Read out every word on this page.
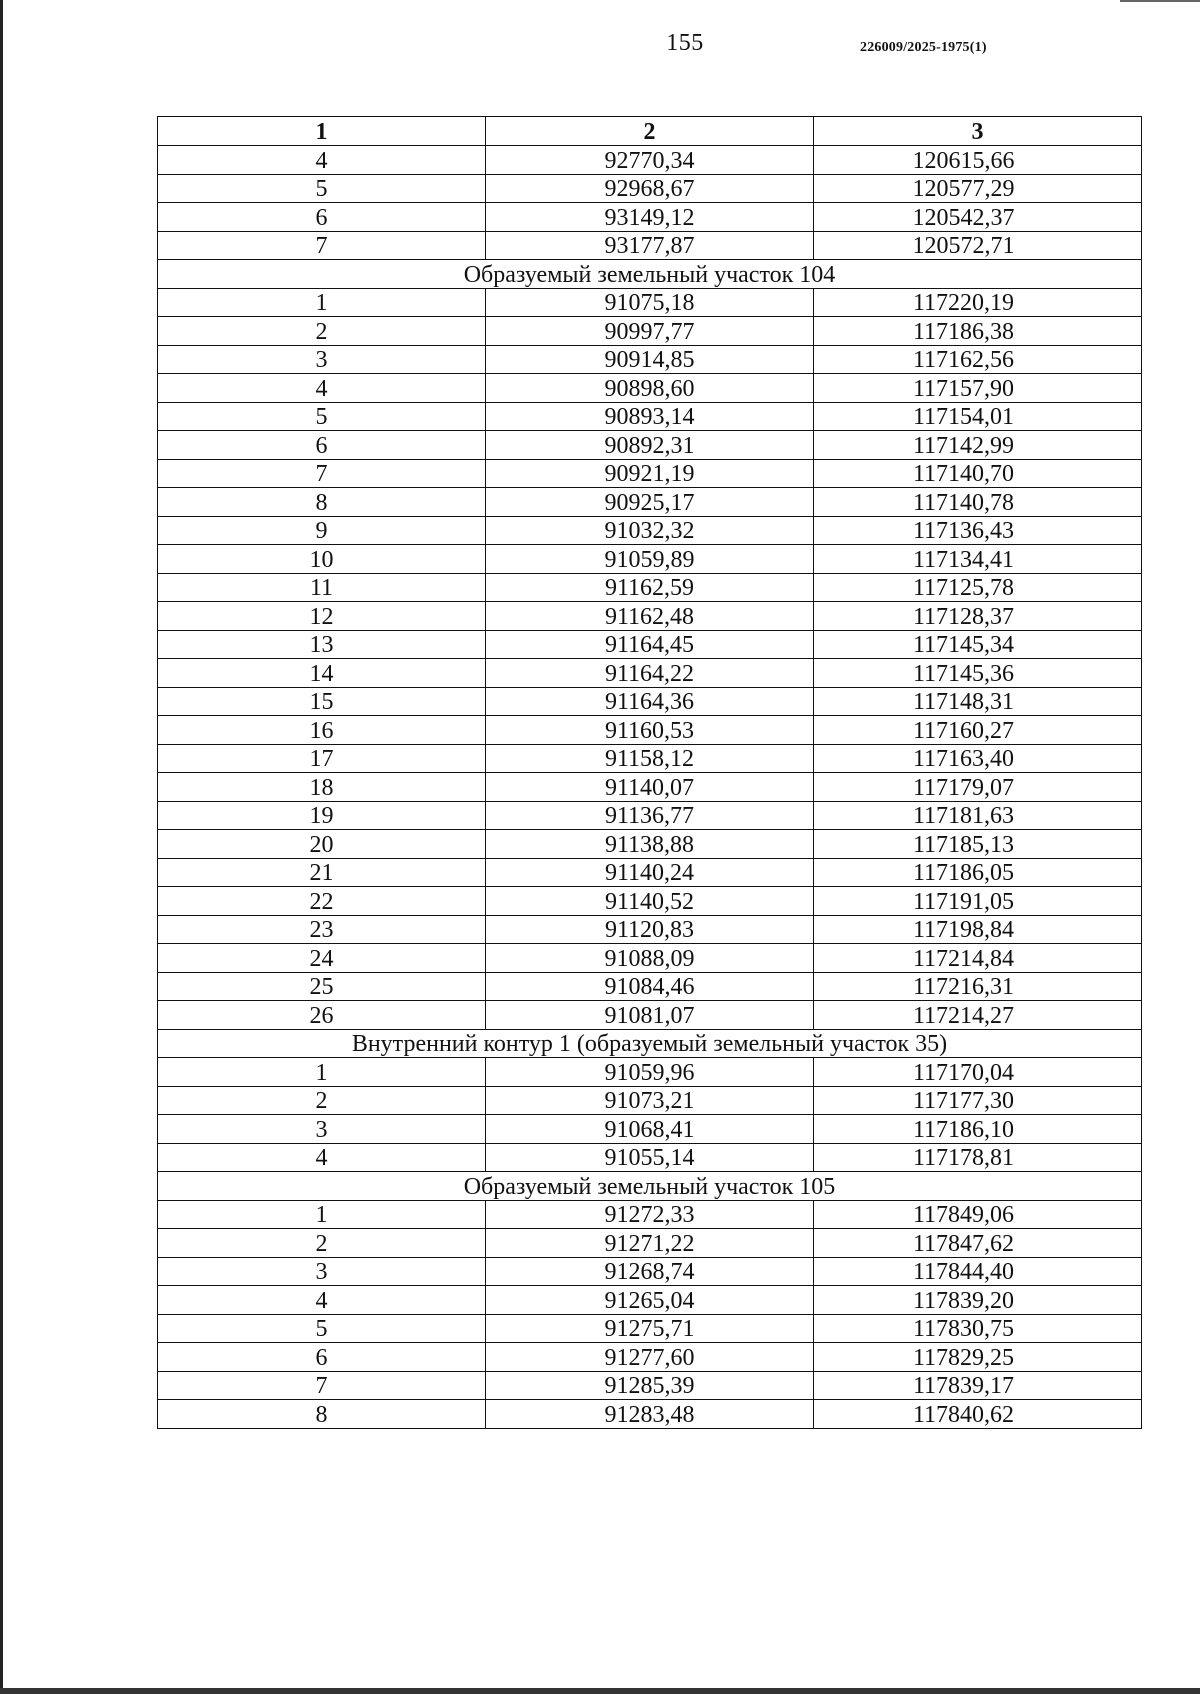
155	226009/2025-1975(1)
1	2	3
4	92770,34	120615,66
5	92968,67	120577,29
6	93149,12	120542,37
7	93177,87	120572,71
Образуемый земельный участок 104		
1	91075,18	117220,19
2	90997,77	117186,38
3	90914,85	117162,56
4	90898,60	117157,90
5	90893,14	117154,01
6	90892,31	117142,99
7	90921,19	117140,70
8	90925,17	117140,78
9	91032,32	117136,43
10	91059,89	117134,41
11	91162,59	117125,78
12	91162,48	117128,37
13	91164,45	117145,34
14	91164,22	117145,36
15	91164,36	117148,31
16	91160,53	117160,27
17	91158,12	117163,40
18	91140,07	117179,07
19	91136,77	117181,63
20	91138,88	117185,13
21	91140,24	117186,05
22	91140,52	117191,05
23	91120,83	117198,84
24	91088,09	117214,84
25	91084,46	117216,31
26	91081,07	117214,27
Внутренний контур 1 (образуемый земельный участок 35)		
1	91059,96	117170,04
2	91073,21	117177,30
3	91068,41	117186,10
4	91055,14	117178,81
Образуемый земельный участок 105		
1	91272,33	117849,06
2	91271,22	117847,62
3	91268,74	117844,40
4	91265,04	117839,20
5	91275,71	117830,75
6	91277,60	117829,25
7	91285,39	117839,17
8	91283,48	117840,62
